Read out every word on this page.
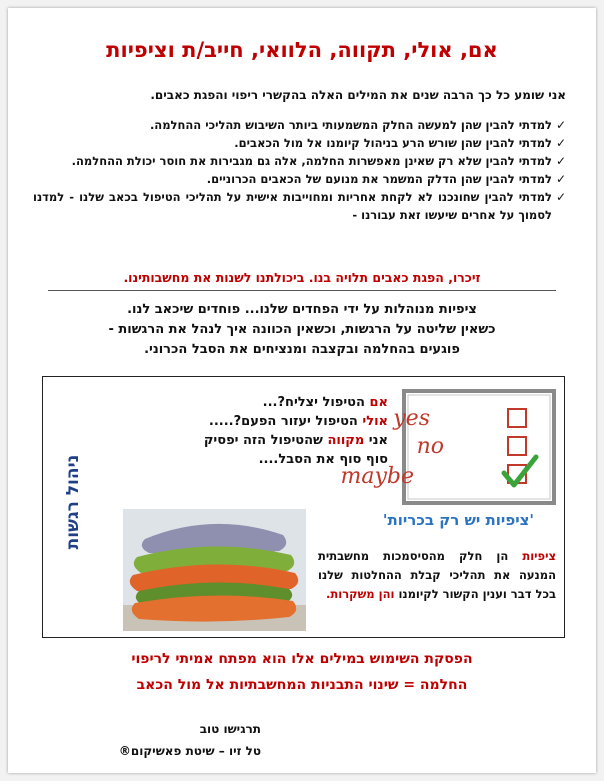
אם, אולי, תקווה, הלוואי, חייב/ת וציפיות

אני שומע כל כך הרבה שנים את המילים האלה בהקשרי ריפוי והפגת כאבים.

✓
למדתי להבין שהן למעשה החלק המשמעותי ביותר השיבוש תהליכי ההחלמה.
✓
למדתי להבין שהן שורש הרע בניהול קיומנו אל מול הכאבים.
✓
למדתי להבין שלא רק שאינן מאפשרות החלמה, אלה גם מגבירות את חוסר יכולת ההחלמה.
✓
למדתי להבין שהן הדלק המשמר את מנועם של הכאבים הכרוניים.
✓
למדתי להבין שחונכנו לא לקחת אחריות ומחוייבות אישית על תהליכי הטיפול בכאב שלנו - למדנו לסמוך על אחרים שיעשו זאת עבורנו -

זיכרו, הפגת כאבים תלויה בנו. ביכולתנו לשנות את מחשבותינו.

ציפיות מנוהלות על ידי הפחדים שלנו... פוחדים שיכאב לנו.
כשאין שליטה על הרגשות, וכשאין הכוונה איך לנהל את הרגשות -
פוגעים בהחלמה ובקצבה ומנציחים את הסבל הכרוני.

ניהול רגשות
yes
no
maybe
אם הטיפול יצליח?...
אולי הטיפול יעזור הפעם?.....
אני מקווה שהטיפול הזה יפסיק
סוף סוף את הסבל....
'ציפיות יש רק בכריות'

ציפיות הן חלק מהסיסמכות מחשבתית המנעה את תהליכי קבלת ההחלטות שלנו בכל דבר וענין הקשור לקיומנו והן משקרות.

הפסקת השימוש במילים אלו הוא מפתח אמיתי לריפוי
החלמה = שינוי התבניות המחשבתיות אל מול הכאב

תרגישו טוב
טל זיו – שיטת פאשיקום®
